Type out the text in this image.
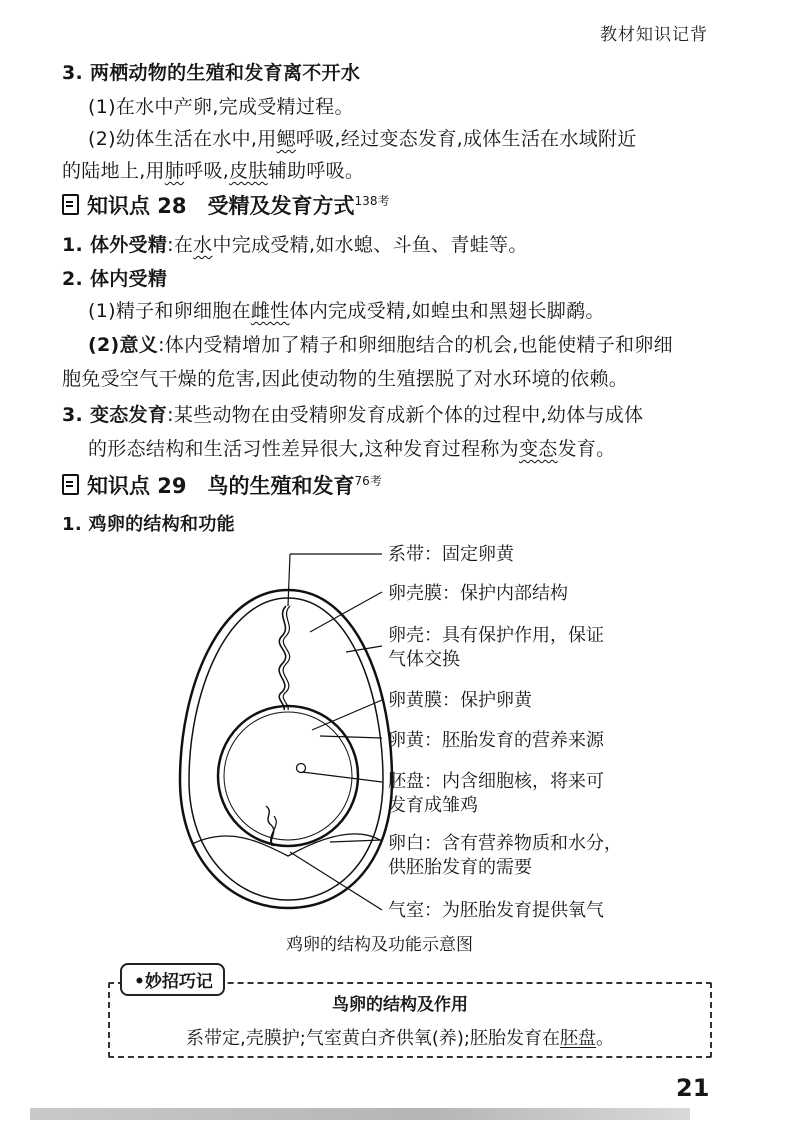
教材知识记背
3. 两栖动物的生殖和发育离不开水
(1)在水中产卵,完成受精过程。
(2)幼体生活在水中,用鳃呼吸,经过变态发育,成体生活在水域附近
的陆地上,用肺呼吸,皮肤辅助呼吸。
知识点 28　受精及发育方式$^{138考}$
1. 体外受精:在水中完成受精,如水螅、斗鱼、青蛙等。
2. 体内受精
(1)精子和卵细胞在雌性体内完成受精,如蝗虫和黑翅长脚鹬。
(2)意义:体内受精增加了精子和卵细胞结合的机会,也能使精子和卵细
胞免受空气干燥的危害,因此使动物的生殖摆脱了对水环境的依赖。
3. 变态发育:某些动物在由受精卵发育成新个体的过程中,幼体与成体
的形态结构和生活习性差异很大,这种发育过程称为变态发育。
知识点 29　鸟的生殖和发育$^{76考}$
1. 鸡卵的结构和功能
系带：固定卵黄
卵壳膜：保护内部结构
卵壳：具有保护作用，保证
气体交换
卵黄膜：保护卵黄
卵黄：胚胎发育的营养来源
胚盘：内含细胞核，将来可
发育成雏鸡
卵白：含有营养物质和水分，
供胚胎发育的需要
气室：为胚胎发育提供氧气
鸡卵的结构及功能示意图
•妙招巧记
鸟卵的结构及作用
系带定,壳膜护;气室黄白齐供氧(养);胚胎发育在胚盘。
21
